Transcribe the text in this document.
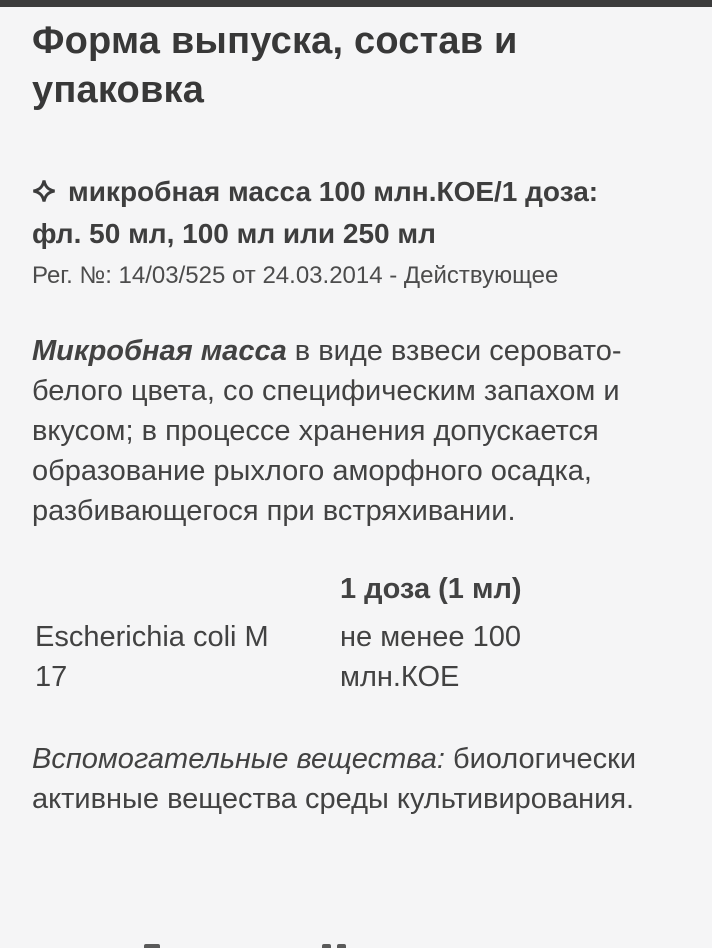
Форма выпуска, состав и упаковка

микробная масса 100 млн.КОЕ/1 доза:
фл. 50 мл, 100 мл или 250 мл

Рег. №: 14/03/525 от 24.03.2014 - Действующее

Микробная масса в виде взвеси серовато-белого цвета, со специфическим запахом и вкусом; в процессе хранения допускается образование рыхлого аморфного осадка, разбивающегося при встряхивании.

	1 доза (1 мл)
Escherichia coli M 17	не менее 100 млн.КОЕ

Вспомогательные вещества: биологически активные вещества среды культивирования.
